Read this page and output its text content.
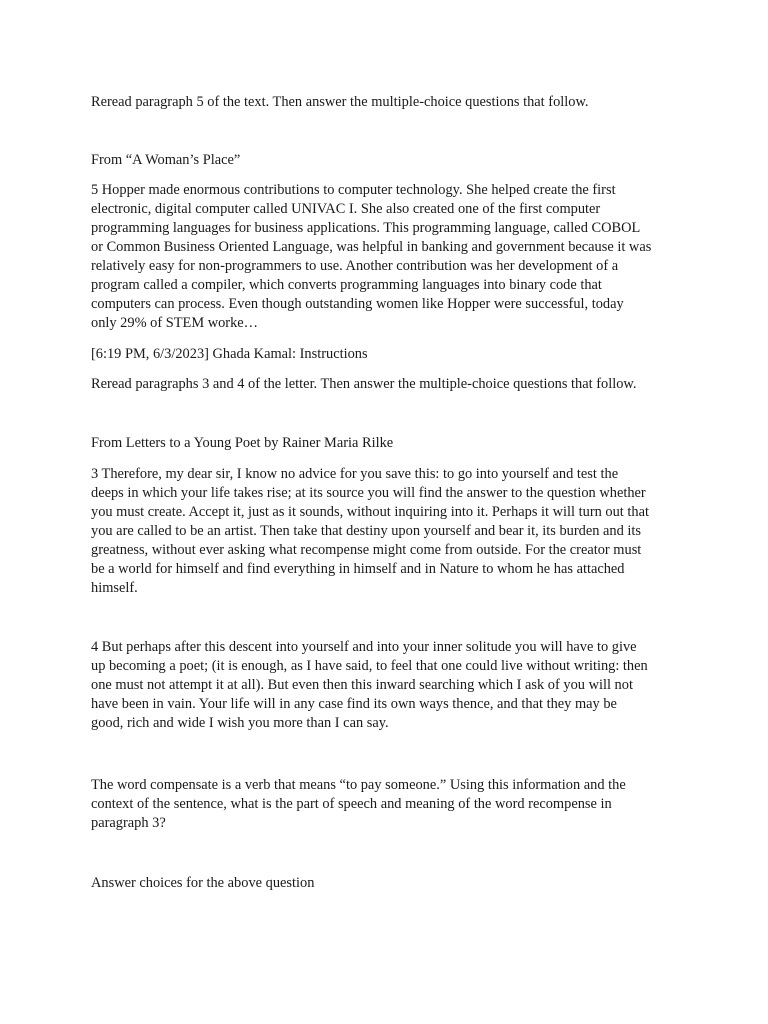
Reread paragraph 5 of the text. Then answer the multiple-choice questions that follow.

From “A Woman’s Place”

5 Hopper made enormous contributions to computer technology. She helped create the first
electronic, digital computer called UNIVAC I. She also created one of the first computer
programming languages for business applications. This programming language, called COBOL
or Common Business Oriented Language, was helpful in banking and government because it was
relatively easy for non-programmers to use. Another contribution was her development of a
program called a compiler, which converts programming languages into binary code that
computers can process. Even though outstanding women like Hopper were successful, today
only 29% of STEM worke…

[6:19 PM, 6/3/2023] Ghada Kamal: Instructions

Reread paragraphs 3 and 4 of the letter. Then answer the multiple-choice questions that follow.

From Letters to a Young Poet by Rainer Maria Rilke

3 Therefore, my dear sir, I know no advice for you save this: to go into yourself and test the
deeps in which your life takes rise; at its source you will find the answer to the question whether
you must create. Accept it, just as it sounds, without inquiring into it. Perhaps it will turn out that
you are called to be an artist. Then take that destiny upon yourself and bear it, its burden and its
greatness, without ever asking what recompense might come from outside. For the creator must
be a world for himself and find everything in himself and in Nature to whom he has attached
himself.

4 But perhaps after this descent into yourself and into your inner solitude you will have to give
up becoming a poet; (it is enough, as I have said, to feel that one could live without writing: then
one must not attempt it at all). But even then this inward searching which I ask of you will not
have been in vain. Your life will in any case find its own ways thence, and that they may be
good, rich and wide I wish you more than I can say.

The word compensate is a verb that means “to pay someone.” Using this information and the
context of the sentence, what is the part of speech and meaning of the word recompense in
paragraph 3?

Answer choices for the above question
